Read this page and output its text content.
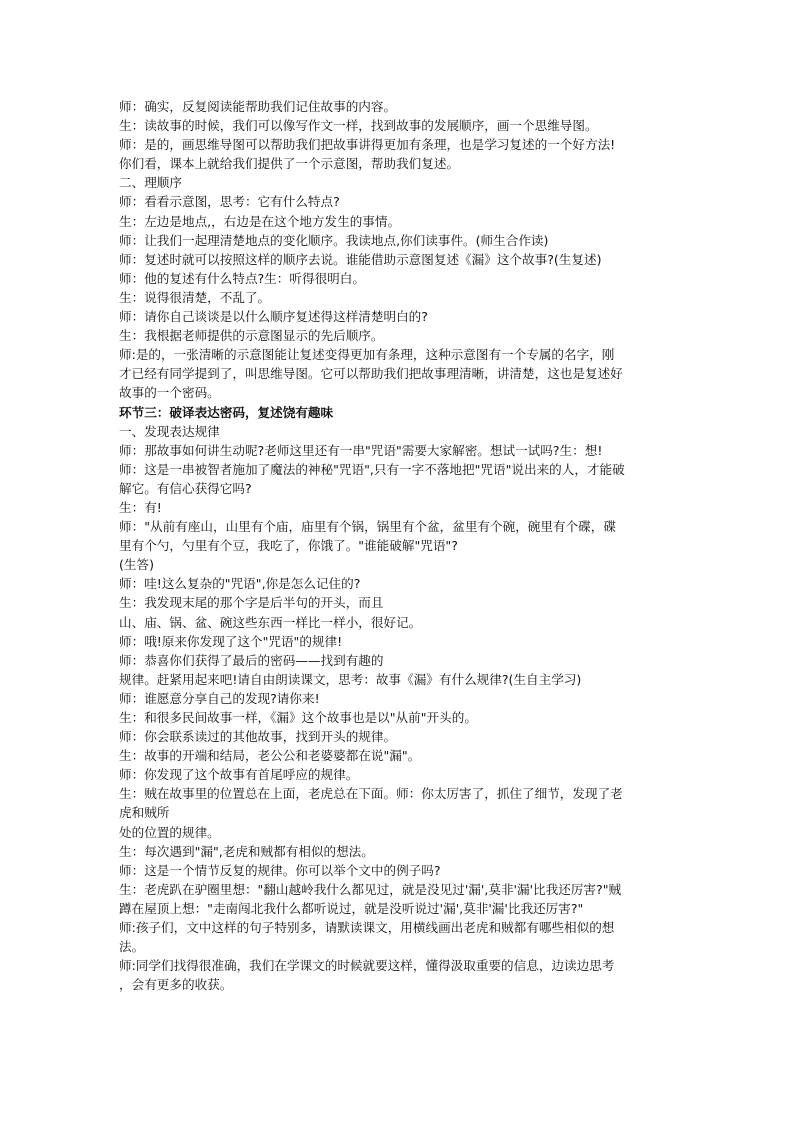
师：确实，反复阅读能帮助我们记住故事的内容。
生：读故事的时候，我们可以像写作文一样，找到故事的发展顺序，画一个思维导图。
师：是的，画思维导图可以帮助我们把故事讲得更加有条理，也是学习复述的一个好方法!
你们看，课本上就给我们提供了一个示意图，帮助我们复述。
二、理顺序
师：看看示意图，思考：它有什么特点?
生：左边是地点,，右边是在这个地方发生的事情。
师：让我们一起理清楚地点的变化顺序。我读地点,你们读事件。(师生合作读)
师：复述时就可以按照这样的顺序去说。谁能借助示意图复述《漏》这个故事?(生复述)
师：他的复述有什么特点?生：听得很明白。
生：说得很清楚，不乱了。
师：请你自己谈谈是以什么顺序复述得这样清楚明白的?
生：我根据老师提供的示意图显示的先后顺序。
师:是的，一张清晰的示意图能让复述变得更加有条理，这种示意图有一个专属的名字，刚
才已经有同学提到了，叫思维导图。它可以帮助我们把故事理清晰，讲清楚，这也是复述好
故事的一个密码。
环节三：破译表达密码，复述饶有趣味
一、发现表达规律
师：那故事如何讲生动呢?老师这里还有一串"咒语"需要大家解密。想试一试吗?生：想!
师：这是一串被智者施加了魔法的神秘"咒语",只有一字不落地把"咒语"说出来的人，才能破
解它。有信心获得它吗?
生：有!
师："从前有座山，山里有个庙，庙里有个锅，锅里有个盆，盆里有个碗，碗里有个碟，碟
里有个勺，勺里有个豆，我吃了，你饿了。"谁能破解"咒语"?
(生答)
师：哇!这么复杂的"咒语",你是怎么记住的?
生：我发现末尾的那个字是后半句的开头，而且
山、庙、锅、盆、碗这些东西一样比一样小，很好记。
师：哦!原来你发现了这个"咒语"的规律!
师：恭喜你们获得了最后的密码——找到有趣的
规律。赶紧用起来吧!请自由朗读课文，思考：故事《漏》有什么规律?(生自主学习)
师：谁愿意分享自己的发现?请你来!
生：和很多民间故事一样，《漏》这个故事也是以"从前"开头的。
师：你会联系读过的其他故事，找到开头的规律。
生：故事的开端和结局，老公公和老婆婆都在说"漏"。
师：你发现了这个故事有首尾呼应的规律。
生：贼在故事里的位置总在上面，老虎总在下面。师：你太厉害了，抓住了细节，发现了老
虎和贼所
处的位置的规律。
生：每次遇到"漏",老虎和贼都有相似的想法。
师：这是一个情节反复的规律。你可以举个文中的例子吗?
生：老虎趴在驴圈里想："翻山越岭我什么都见过，就是没见过'漏',莫非'漏'比我还厉害?"贼
蹲在屋顶上想："走南闯北我什么都听说过，就是没听说过'漏',莫非'漏'比我还厉害?"
师:孩子们，文中这样的句子特别多，请默读课文，用横线画出老虎和贼都有哪些相似的想
法。
师:同学们找得很准确，我们在学课文的时候就要这样，懂得汲取重要的信息，边读边思考
，会有更多的收获。
